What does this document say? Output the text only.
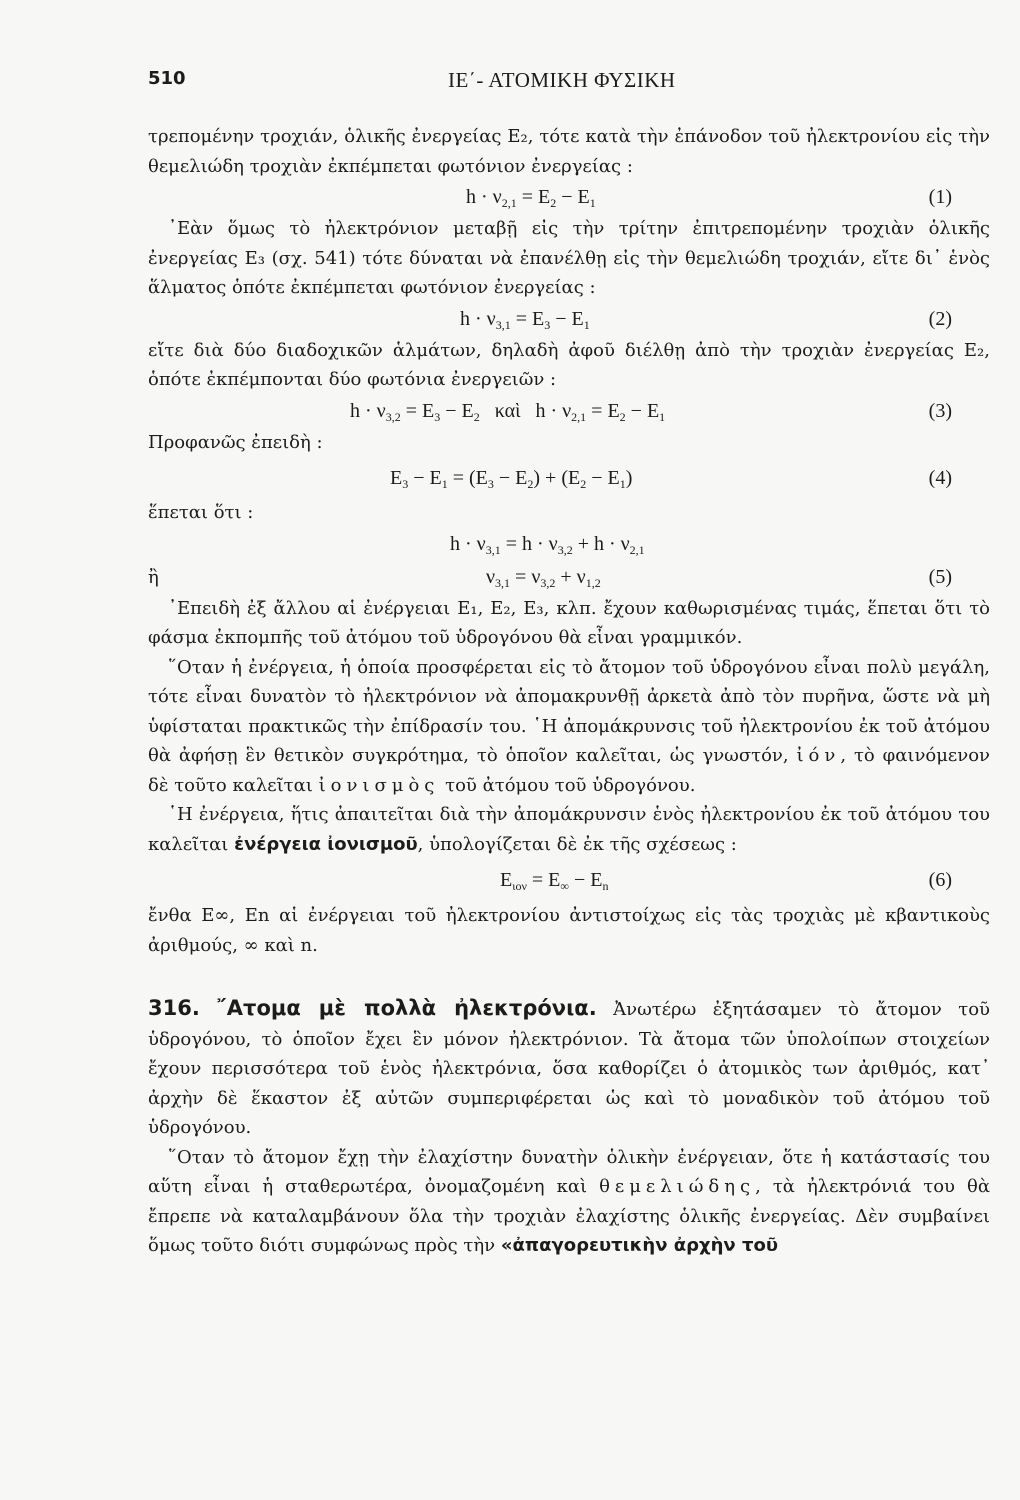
510	ΙΕ΄- ΑΤΟΜΙΚΗ ΦΥΣΙΚΗ

τρεπομένην τροχιάν, ὁλικῆς ἐνεργείας E₂, τότε κατὰ τὴν ἐπάνοδον τοῦ ἠλεκτρονίου εἰς τὴν θεμελιώδη τροχιὰν ἐκπέμπεται φωτόνιον ἐνεργείας :

$h \cdot \nu_{2,1} = E_2 - E_1$	(1)

᾿Εὰν ὅμως τὸ ἠλεκτρόνιον μεταβῇ εἰς τὴν τρίτην ἐπιτρεπομένην τροχιὰν ὁλικῆς ἐνεργείας E₃ (σχ. 541) τότε δύναται νὰ ἐπανέλθῃ εἰς τὴν θεμελιώδη τροχιάν, εἴτε δι᾿ ἑνὸς ἅλματος ὁπότε ἐκπέμπεται φωτόνιον ἐνεργείας :

$h \cdot \nu_{3,1} = E_3 - E_1$	(2)

εἴτε διὰ δύο διαδοχικῶν ἁλμάτων, δηλαδὴ ἀφοῦ διέλθῃ ἀπὸ τὴν τροχιὰν ἐνεργείας E₂, ὁπότε ἐκπέμπονται δύο φωτόνια ἐνεργειῶν :

$h \cdot \nu_{3,2} = E_3 - E_2$ καὶ   $h \cdot \nu_{2,1} = E_2 - E_1$	(3)
Προφανῶς ἐπειδὴ :
$E_3 - E_1 = (E_3 - E_2) + (E_2 - E_1)$	(4)
ἕπεται ὅτι :
$h \cdot \nu_{3,1} = h \cdot \nu_{3,2} + h \cdot \nu_{2,1}$
ἢ	$\nu_{3,1} = \nu_{3,2} + \nu_{1,2}$	(5)

᾿Επειδὴ ἐξ ἄλλου αἱ ἐνέργειαι E₁, E₂, E₃, κλπ. ἔχουν καθωρισμένας τιμάς, ἕπεται ὅτι τὸ φάσμα ἐκπομπῆς τοῦ ἀτόμου τοῦ ὑδρογόνου θὰ εἶναι γραμμικόν.

῞Οταν ἡ ἐνέργεια, ἡ ὁποία προσφέρεται εἰς τὸ ἄτομον τοῦ ὑδρογόνου εἶναι πολὺ μεγάλη, τότε εἶναι δυνατὸν τὸ ἠλεκτρόνιον νὰ ἀπομακρυνθῇ ἀρκετὰ ἀπὸ τὸν πυρῆνα, ὥστε νὰ μὴ ὑφίσταται πρακτικῶς τὴν ἐπίδρασίν του. ῾Η ἀπομάκρυνσις τοῦ ἠλεκτρονίου ἐκ τοῦ ἀτόμου θὰ ἀφήσῃ ἓν θετικὸν συγκρότημα, τὸ ὁποῖον καλεῖται, ὡς γνωστόν, ἰόν, τὸ φαινόμενον δὲ τοῦτο καλεῖται ἰονισμὸς τοῦ ἀτόμου τοῦ ὑδρογόνου.

῾Η ἐνέργεια, ἥτις ἀπαιτεῖται διὰ τὴν ἀπομάκρυνσιν ἑνὸς ἠλεκτρονίου ἐκ τοῦ ἀτόμου του καλεῖται ἐνέργεια ἰονισμοῦ, ὑπολογίζεται δὲ ἐκ τῆς σχέσεως :

$E_{\iota o\nu} = E_\infty - E_n$	(6)

ἔνθα E∞, En αἱ ἐνέργειαι τοῦ ἠλεκτρονίου ἀντιστοίχως εἰς τὰς τροχιὰς μὲ κβαντικοὺς ἀριθμούς, ∞ καὶ n.

316. ῎Ατομα μὲ πολλὰ ἠλεκτρόνια. Ἀνωτέρω ἐξητάσαμεν τὸ ἄτομον τοῦ ὑδρογόνου, τὸ ὁποῖον ἔχει ἓν μόνον ἠλεκτρόνιον. Τὰ ἄτομα τῶν ὑπολοίπων στοιχείων ἔχουν περισσότερα τοῦ ἑνὸς ἠλεκτρόνια, ὅσα καθορίζει ὁ ἀτομικὸς των ἀριθμός, κατ᾿ ἀρχὴν δὲ ἕκαστον ἐξ αὐτῶν συμπεριφέρεται ὡς καὶ τὸ μοναδικὸν τοῦ ἀτόμου τοῦ ὑδρογόνου.

῞Οταν τὸ ἄτομον ἔχῃ τὴν ἐλαχίστην δυνατὴν ὁλικὴν ἐνέργειαν, ὅτε ἡ κατάστασίς του αὕτη εἶναι ἡ σταθερωτέρα, ὀνομαζομένη καὶ θεμελιώδης, τὰ ἠλεκτρόνιά του θὰ ἔπρεπε νὰ καταλαμβάνουν ὅλα τὴν τροχιὰν ἐλαχίστης ὁλικῆς ἐνεργείας. Δὲν συμβαίνει ὅμως τοῦτο διότι συμφώνως πρὸς τὴν «ἀπαγορευτικὴν ἀρχὴν τοῦ
